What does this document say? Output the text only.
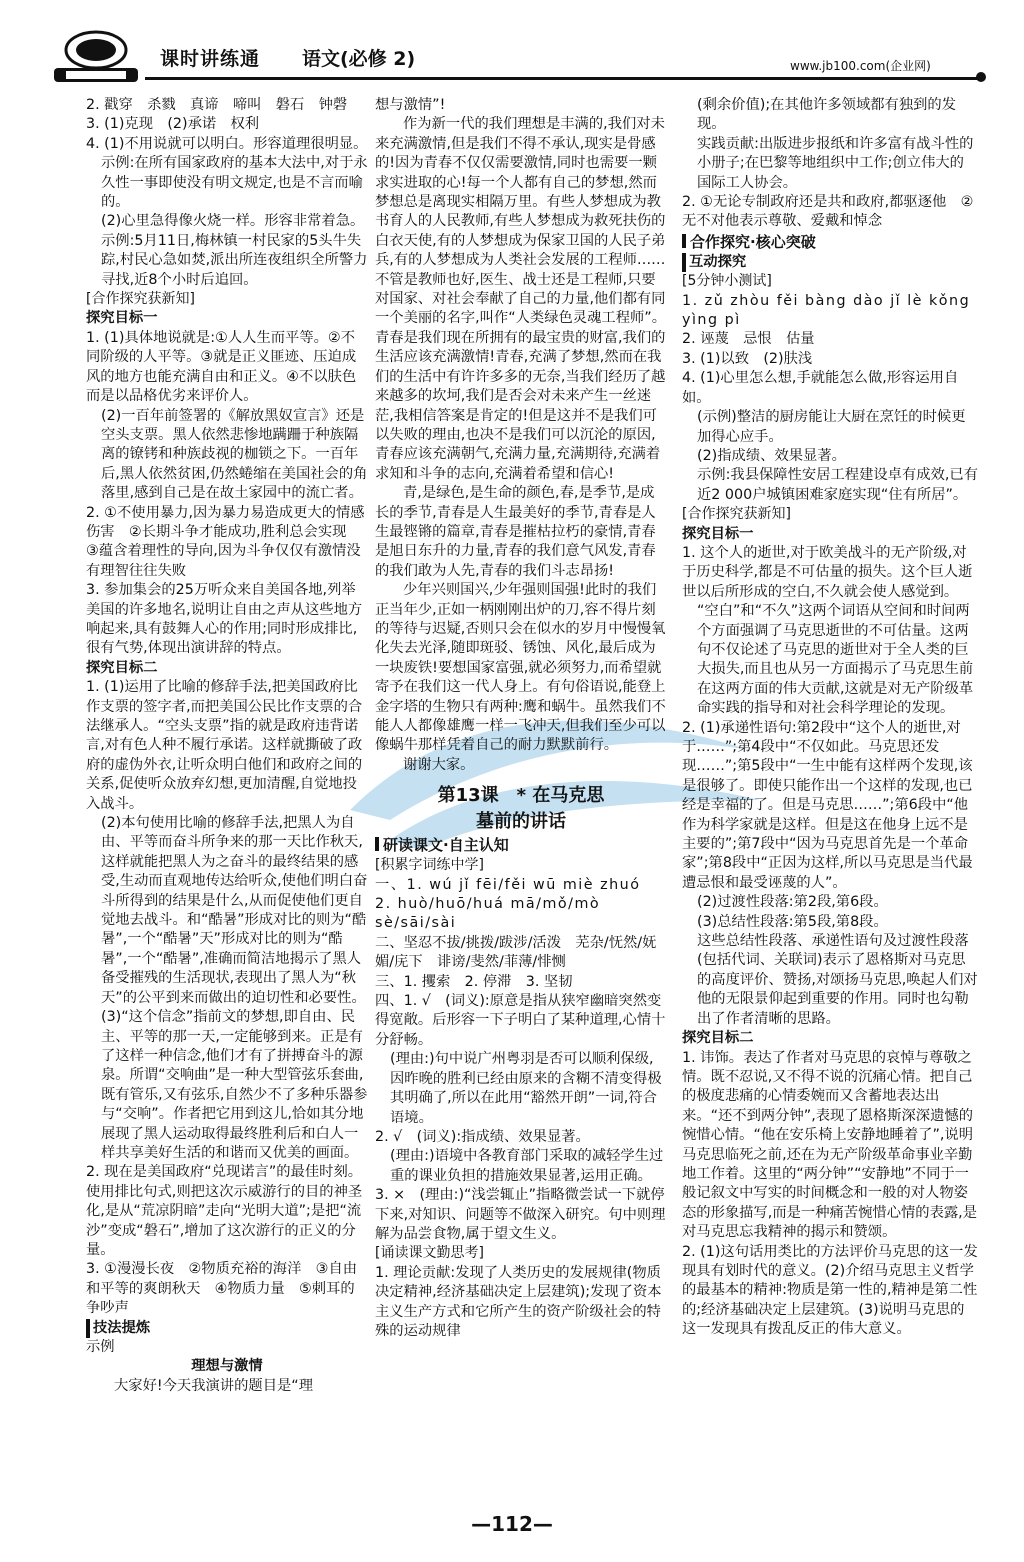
课时讲练通 语文(必修 2)	www.jb100.com(企业网)

2. 戳穿　杀戮　真谛　啼叫　磐石　钟磬

3. (1)克现　(2)承诺　权利

4. (1)不用说就可以明白。形容道理很明显。

示例:在所有国家政府的基本大法中,对于永久性一事即使没有明文规定,也是不言而喻的。

(2)心里急得像火烧一样。形容非常着急。

示例:5月11日,梅林镇一村民家的5头牛失踪,村民心急如焚,派出所连夜组织全所警力寻找,近8个小时后追回。

[ 合作探究获新知 ]

探究目标一

1. (1)具体地说就是:①人人生而平等。②不同阶级的人平等。③就是正义匪迹、压迫成风的地方也能充满自由和正义。④不以肤色而是以品格优劣来评价人。

(2)一百年前签署的《解放黑奴宣言》还是空头支票。黑人依然悲惨地蹒跚于种族隔离的镣铐和种族歧视的枷锁之下。一百年后,黑人依然贫困,仍然蜷缩在美国社会的角落里,感到自己是在故土家园中的流亡者。

2. ①不使用暴力,因为暴力易造成更大的情感伤害　②长期斗争才能成功,胜利总会实现　③蕴含着理性的导向,因为斗争仅仅有激情没有理智往往失败

3. 参加集会的25万听众来自美国各地,列举美国的许多地名,说明让自由之声从这些地方响起来,具有鼓舞人心的作用;同时形成排比,很有气势,体现出演讲辞的特点。

探究目标二

1. (1)运用了比喻的修辞手法,把美国政府比作支票的签字者,而把美国公民比作支票的合法继承人。“空头支票”指的就是政府违背诺言,对有色人种不履行承诺。这样就撕破了政府的虚伪外衣,让听众明白他们和政府之间的关系,促使听众放弃幻想,更加清醒,自觉地投入战斗。

(2)本句使用比喻的修辞手法,把黑人为自由、平等而奋斗所争来的那一天比作秋天,这样就能把黑人为之奋斗的最终结果的感受,生动而直观地传达给听众,使他们明白奋斗所得到的结果是什么,从而促使他们更自觉地去战斗。和“酷暑”形成对比的则为“酷暑”,一个“酷暑”天”形成对比的则为“酷暑”,一个“酷暑”,准确而简洁地揭示了黑人备受摧残的生活现状,表现出了黑人为“秋天”的公平到来而做出的迫切性和必要性。

(3)“这个信念”指前文的梦想,即自由、民主、平等的那一天,一定能够到来。正是有了这样一种信念,他们才有了拼搏奋斗的源泉。所谓“交响曲”是一种大型管弦乐套曲,既有管乐,又有弦乐,自然少不了多种乐器参与“交响”。作者把它用到这儿,恰如其分地展现了黑人运动取得最终胜利后和白人一样共享美好生活的和谐而又优美的画面。

2. 现在是美国政府“兑现诺言”的最佳时刻。使用排比句式,则把这次示威游行的目的神圣化,是从“荒凉阴暗”走向“光明大道”;是把“流沙”变成“磐石”,增加了这次游行的正义的分量。

3. ①漫漫长夜　②物质充裕的海洋　③自由和平等的爽朗秋天　④物质力量　⑤刺耳的争吵声

技法提炼

示例

理想与激情

大家好!今天我演讲的题目是“理

想与激情”!

作为新一代的我们理想是丰满的,我们对未来充满激情,但是我们不得不承认,现实是骨感的!因为青春不仅仅需要激情,同时也需要一颗求实进取的心!每一个人都有自己的梦想,然而梦想总是离现实相隔万里。有些人梦想成为教书育人的人民教师,有些人梦想成为救死扶伤的白衣天使,有的人梦想成为保家卫国的人民子弟兵,有的人梦想成为人类社会发展的工程师……不管是教师也好,医生、战士还是工程师,只要对国家、对社会奉献了自己的力量,他们都有同一个美丽的名字,叫作“人类绿色灵魂工程师”。青春是我们现在所拥有的最宝贵的财富,我们的生活应该充满激情!青春,充满了梦想,然而在我们的生活中有许许多多的无奈,当我们经历了越来越多的坎坷,我们是否会对未来产生一丝迷茫,我相信答案是肯定的!但是这并不是我们可以失败的理由,也决不是我们可以沉沦的原因,青春应该充满朝气,充满力量,充满期待,充满着求知和斗争的志向,充满着希望和信心!

青,是绿色,是生命的颜色,春,是季节,是成长的季节,青春是人生最美好的季节,青春是人生最铿锵的篇章,青春是摧枯拉朽的豪情,青春是旭日东升的力量,青春的我们意气风发,青春的我们敢为人先,青春的我们斗志昂扬!

少年兴则国兴,少年强则国强!此时的我们正当年少,正如一柄刚刚出炉的刀,容不得片刻的等待与迟疑,否则只会在似水的岁月中慢慢氧化失去光泽,随即斑驳、锈蚀、风化,最后成为一块废铁!要想国家富强,就必须努力,而希望就寄予在我们这一代人身上。有句俗语说,能登上金字塔的生物只有两种:鹰和蜗牛。虽然我们不能人人都像雄鹰一样一飞冲天,但我们至少可以像蜗牛那样凭着自己的耐力默默前行。

谢谢大家。

第13课　* 在马克思

墓前的讲话

研读课文·自主认知

[ 积累字词练中学 ]

一、1. wú jǐ fēi/fěi wū miè zhuó

2. huò/huō/huá mā/mǒ/mò sè/sāi/sài

二、坚忍不拔/挑拨/跋涉/活泼　芜杂/怃然/妩媚/庑下　诽谤/斐然/菲薄/悱恻

三、1. 攫索　2. 停滞　3. 坚韧

四、1. √　(词义):原意是指从狭窄幽暗突然变得宽敞。后形容一下子明白了某种道理,心情十分舒畅。

(理由:)句中说广州粤羽是否可以顺利保级,因昨晚的胜利已经由原来的含糊不清变得极其明确了,所以在此用“豁然开朗”一词,符合语境。

2. √　(词义):指成绩、效果显著。

(理由:)语境中各教育部门采取的减轻学生过重的课业负担的措施效果显著,运用正确。

3. ×　(理由:)“浅尝辄止”指略微尝试一下就停下来,对知识、问题等不做深入研究。句中则理解为品尝食物,属于望文生义。

[ 诵读课文勤思考 ]

1. 理论贡献:发现了人类历史的发展规律(物质决定精神,经济基础决定上层建筑);发现了资本主义生产方式和它所产生的资产阶级社会的特殊的运动规律

(剩余价值);在其他许多领域都有独到的发现。

实践贡献:出版进步报纸和许多富有战斗性的小册子;在巴黎等地组织中工作;创立伟大的国际工人协会。

2. ①无论专制政府还是共和政府,都驱逐他　②无不对他表示尊敬、爱戴和悼念

合作探究·核心突破

互动探究

[ 5分钟小测试 ]

1. zǔ zhòu fěi bàng dào jǐ lè kǒng yìng pì

2. 诬蔑　忌恨　估量

3. (1)以致　(2)肤浅

4. (1)心里怎么想,手就能怎么做,形容运用自如。

(示例)整洁的厨房能让大厨在烹饪的时候更加得心应手。

(2)指成绩、效果显著。

示例:我县保障性安居工程建设卓有成效,已有近2 000户城镇困难家庭实现“住有所居”。

[ 合作探究获新知 ]

探究目标一

1. 这个人的逝世,对于欧美战斗的无产阶级,对于历史科学,都是不可估量的损失。这个巨人逝世以后所形成的空白,不久就会使人感觉到。

“空白”和“不久”这两个词语从空间和时间两个方面强调了马克思逝世的不可估量。这两句不仅论述了马克思的逝世对于全人类的巨大损失,而且也从另一方面揭示了马克思生前在这两方面的伟大贡献,这就是对无产阶级革命实践的指导和对社会科学理论的发现。

2. (1)承递性语句:第2段中“这个人的逝世,对于……”;第4段中“不仅如此。马克思还发现……”;第5段中“一生中能有这样两个发现,该是很够了。即使只能作出一个这样的发现,也已经是幸福的了。但是马克思……”;第6段中“他作为科学家就是这样。但是这在他身上远不是主要的”;第7段中“因为马克思首先是一个革命家”;第8段中“正因为这样,所以马克思是当代最遭忌恨和最受诬蔑的人”。

(2)过渡性段落:第2段,第6段。

(3)总结性段落:第5段,第8段。

这些总结性段落、承递性语句及过渡性段落(包括代词、关联词)表示了恩格斯对马克思的高度评价、赞扬,对颂扬马克思,唤起人们对他的无限景仰起到重要的作用。同时也勾勒出了作者清晰的思路。

探究目标二

1. 讳饰。表达了作者对马克思的哀悼与尊敬之情。既不忍说,又不得不说的沉痛心情。把自己的极度悲痛的心情委婉而又含蓄地表达出来。“还不到两分钟”,表现了恩格斯深深遗憾的惋惜心情。“他在安乐椅上安静地睡着了”,说明马克思临死之前,还在为无产阶级革命事业辛勤地工作着。这里的“两分钟”“安静地”不同于一般记叙文中写实的时间概念和一般的对人物姿态的形象描写,而是一种痛苦惋惜心情的表露,是对马克思忘我精神的揭示和赞颂。

2. (1)这句话用类比的方法评价马克思的这一发现具有划时代的意义。(2)介绍马克思主义哲学的最基本的精神:物质是第一性的,精神是第二性的;经济基础决定上层建筑。(3)说明马克思的这一发现具有拨乱反正的伟大意义。

—112—
